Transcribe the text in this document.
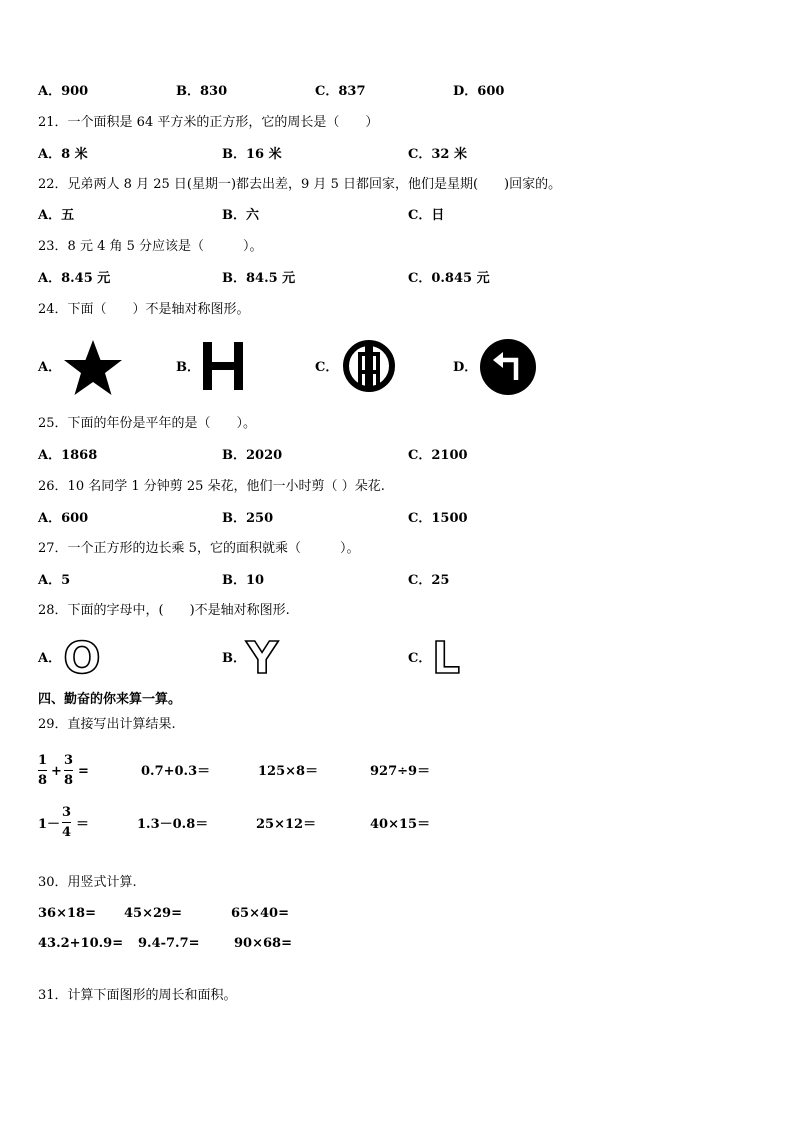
A．900	B．830	C．837	D．600
21．一个面积是 64 平方米的正方形，它的周长是（　　）
A．8 米	B．16 米	C．32 米
22．兄弟两人 8 月 25 日(星期一)都去出差，9 月 5 日都回家，他们是星期(　　)回家的。
A．五	B．六	C．日
23．8 元 4 角 5 分应该是（　　　）。
A．8.45 元	B．84.5 元	C．0.845 元
24．下面（　　）不是轴对称图形。
A．	B．	C．	D．
25．下面的年份是平年的是（　　）。
A．1868	B．2020	C．2100
26．10 名同学 1 分钟剪 25 朵花，他们一小时剪（ ）朵花.
A．600	B．250	C．1500
27．一个正方形的边长乘 5，它的面积就乘（　　　）。
A．5	B．10	C．25
28．下面的字母中，(　　)不是轴对称图形.
A． O	B． Y	C． L
四、勤奋的你来算一算。
29．直接写出计算结果.
1
8
+
3
8
=	0.7+0.3＝	125×8＝	927÷9＝
1－
3
4
＝	1.3－0.8＝	25×12＝	40×15＝
30．用竖式计算.
36×18= 45×29=	65×40=
43.2+10.9= 9.4-7.7=	90×68=
31．计算下面图形的周长和面积。
